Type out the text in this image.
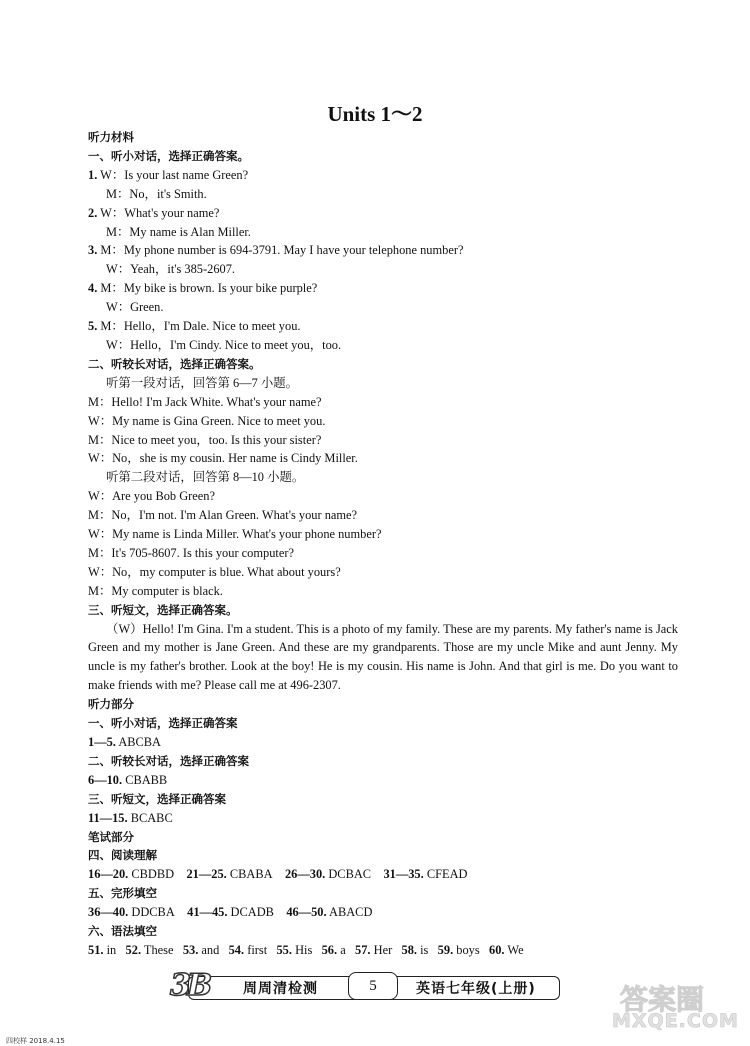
Units 1～2
听力材料
一、听小对话，选择正确答案。
1. W：Is your last name Green?
M：No，it's Smith.
2. W：What's your name?
M：My name is Alan Miller.
3. M：My phone number is 694-3791. May I have your telephone number?
W：Yeah，it's 385-2607.
4. M：My bike is brown. Is your bike purple?
W：Green.
5. M：Hello，I'm Dale. Nice to meet you.
W：Hello，I'm Cindy. Nice to meet you，too.
二、听较长对话，选择正确答案。
听第一段对话，回答第 6—7 小题。
M：Hello! I'm Jack White. What's your name?
W：My name is Gina Green. Nice to meet you.
M：Nice to meet you，too. Is this your sister?
W：No，she is my cousin. Her name is Cindy Miller.
听第二段对话，回答第 8—10 小题。
W：Are you Bob Green?
M：No，I'm not. I'm Alan Green. What's your name?
W：My name is Linda Miller. What's your phone number?
M：It's 705-8607. Is this your computer?
W：No，my computer is blue. What about yours?
M：My computer is black.
三、听短文，选择正确答案。
（W）Hello! I'm Gina. I'm a student. This is a photo of my family. These are my parents. My father's name is Jack Green and my mother is Jane Green. And these are my grandparents. Those are my uncle Mike and aunt Jenny. My uncle is my father's brother. Look at the boy! He is my cousin. His name is John. And that girl is me. Do you want to make friends with me? Please call me at 496-2307.
听力部分
一、听小对话，选择正确答案
1—5. ABCBA
二、听较长对话，选择正确答案
6—10. CBABB
三、听短文，选择正确答案
11—15. BCABC
笔试部分
四、阅读理解
16—20. CBDBD 21—25. CBABA 26—30. DCBAC 31—35. CFEAD
五、完形填空
36—40. DDCBA 41—45. DCADB 46—50. ABACD
六、语法填空
51. in 52. These 53. and 54. first 55. His 56. a 57. Her 58. is 59. boys 60. We
3B 周周清检测	5	英语七年级(上册)
四校样 2018.4.15
答案圈
MXQE.COM
